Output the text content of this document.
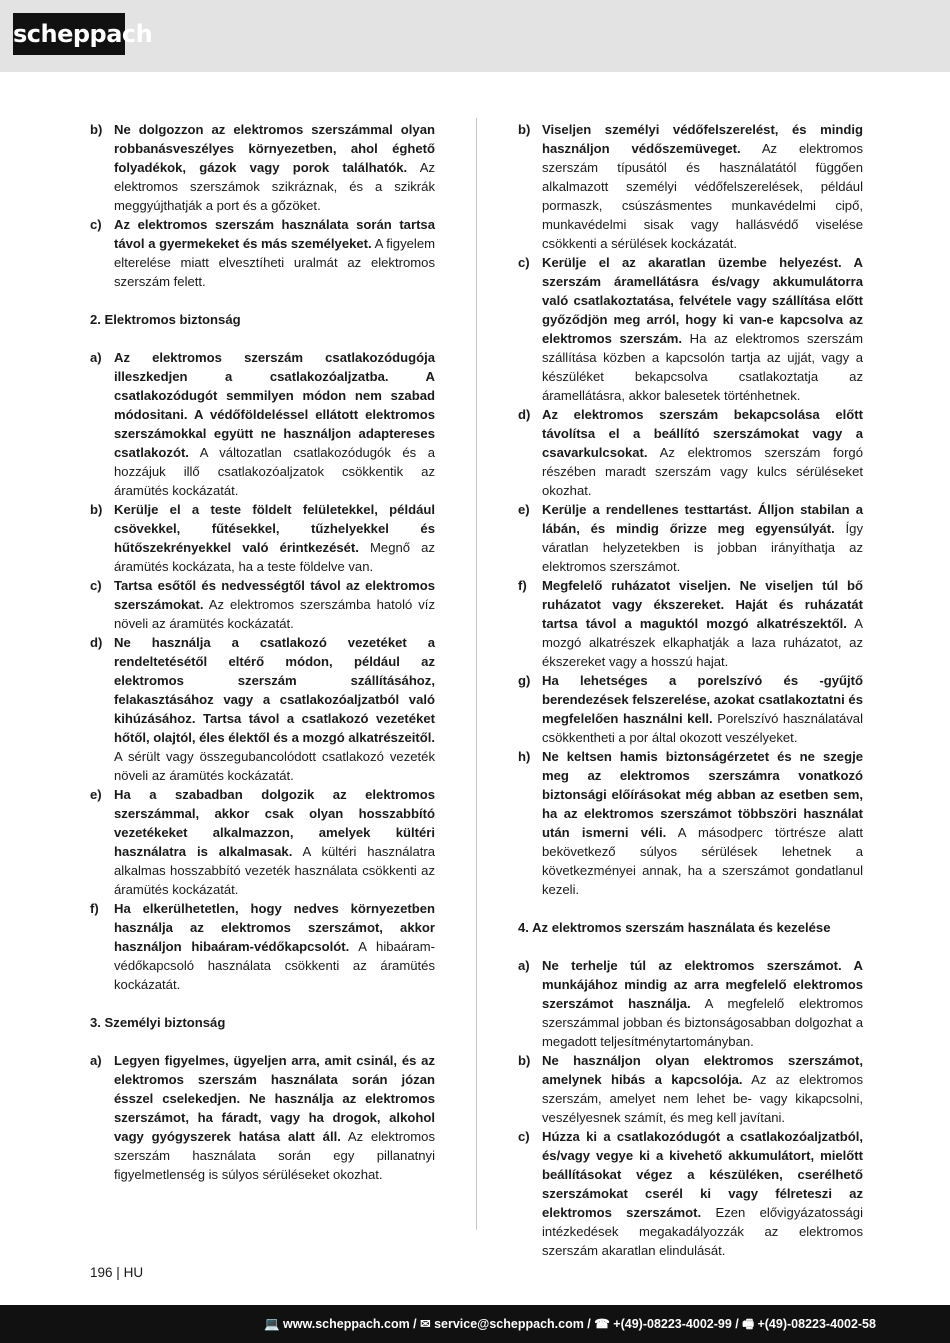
scheppach
b) Ne dolgozzon az elektromos szerszámmal olyan robbanásveszélyes környezetben, ahol éghető folyadékok, gázok vagy porok találhatók. Az elektromos szerszámok szikráznak, és a szikrák meggyújthatják a port és a gőzöket.
c) Az elektromos szerszám használata során tartsa távol a gyermekeket és más személyeket. A figyelem elterelése miatt elvesztíheti uralmát az elektromos szerszám felett.
2. Elektromos biztonság
a) Az elektromos szerszám csatlakozódugója illeszkedjen a csatlakozóaljzatba. A csatlakozódugót semmilyen módon nem szabad módositani. A védőföldeléssel ellátott elektromos szerszámokkal együtt ne használjon adaptereses csatlakozót. A változatlan csatlakozódugók és a hozzájuk illő csatlakozóaljzatok csökkentik az áramütés kockázatát.
b) Kerülje el a teste földelt felületekkel, például csövekkel, fűtésekkel, tűzhelyekkel és hűtőszekrényekkel való érintkezését. Megnő az áramütés kockázata, ha a teste földelve van.
c) Tartsa esőtől és nedvességtől távol az elektromos szerszámokat. Az elektromos szerszámba hatoló víz növeli az áramütés kockázatát.
d) Ne használja a csatlakozó vezetéket a rendeltetésétől eltérő módon, például az elektromos szerszám szállításához, felakasztásához vagy a csatlakozóaljzatból való kihúzásához. Tartsa távol a csatlakozó vezetéket hőtől, olajtól, éles élektől és a mozgó alkatrészeitől. A sérült vagy összegubancolódott csatlakozó vezeték növeli az áramütés kockázatát.
e) Ha a szabadban dolgozik az elektromos szerszámmal, akkor csak olyan hosszabbító vezetékeket alkalmazzon, amelyek kültéri használatra is alkalmasak. A kültéri használatra alkalmas hosszabbító vezeték használata csökkenti az áramütés kockázatát.
f)	Ha elkerülhetetlen, hogy nedves környezetben használja az elektromos szerszámot, akkor használjon hibaáram-védőkapcsolót. A hibaáram-védőkapcsoló használata csökkenti az áramütés kockázatát.
3. Személyi biztonság
a) Legyen figyelmes, ügyeljen arra, amit csinál, és az elektromos szerszám használata során józan ésszel cselekedjen. Ne használja az elektromos szerszámot, ha fáradt, vagy ha drogok, alkohol vagy gyógyszerek hatása alatt áll. Az elektromos szerszám használata során egy pillanatnyi figyelmetlenség is súlyos sérüléseket okozhat.
b) Viseljen személyi védőfelszerelést, és mindig használjon védőszemüveget. Az elektromos szerszám típusától és használatától függően alkalmazott személyi védőfelszerelések, például pormaszk, csúszásmentes munkavédelmi cipő, munkavédelmi sisak vagy hallásvédő viselése csökkenti a sérülések kockázatát.
c) Kerülje el az akaratlan üzembe helyezést. A szerszám áramellátásra és/vagy akkumulátorra való csatlakoztatása, felvétele vagy szállítása előtt győződjön meg arról, hogy ki van-e kapcsolva az elektromos szerszám. Ha az elektromos szerszám szállítása közben a kapcsolón tartja az ujját, vagy a készüléket bekapcsolva csatlakoztatja az áramellátásra, akkor balesetek történhetnek.
d) Az elektromos szerszám bekapcsolása előtt távolítsa el a beállító szerszámokat vagy a csavarkulcsokat. Az elektromos szerszám forgó részében maradt szerszám vagy kulcs sérüléseket okozhat.
e) Kerülje a rendellenes testtartást. Álljon stabilan a lábán, és mindig őrizze meg egyensúlyát. Így váratlan helyzetekben is jobban irányíthatja az elektromos szerszámot.
f)	Megfelelő ruházatot viseljen. Ne viseljen túl bő ruházatot vagy ékszereket. Haját és ruházatát tartsa távol a maguktól mozgó alkatrészektől. A mozgó alkatrészek elkaphatják a laza ruházatot, az ékszereket vagy a hosszú hajat.
g) Ha lehetséges a porelszívó és -gyűjtő berendezések felszerelése, azokat csatlakoztatni és megfelelően használni kell. Porelszívó használatával csökkentheti a por által okozott veszélyeket.
h) Ne keltsen hamis biztonságérzetet és ne szegje meg az elektromos szerszámra vonatkozó biztonsági előírásokat még abban az esetben sem, ha az elektromos szerszámot többszöri használat után ismerni véli. A másodperc törtrésze alatt bekövetkező súlyos sérülések lehetnek a következményei annak, ha a szerszámot gondatlanul kezeli.
4. Az elektromos szerszám használata és kezelése
a) Ne terhelje túl az elektromos szerszámot. A munkájához mindig az arra megfelelő elektromos szerszámot használja. A megfelelő elektromos szerszámmal jobban és biztonságosabban dolgozhat a megadott teljesítménytartományban.
b) Ne használjon olyan elektromos szerszámot, amelynek hibás a kapcsolója. Az az elektromos szerszám, amelyet nem lehet be- vagy kikapcsolni, veszélyesnek számít, és meg kell javítani.
c) Húzza ki a csatlakozódugót a csatlakozóaljzatból, és/vagy vegye ki a kivehető akkumulátort, mielőtt beállításokat végez a készüléken, cserélhető szerszámokat cserél ki vagy félreteszi az elektromos szerszámot. Ezen elővigyázatossági intézkedések megakadályozzák az elektromos szerszám akaratlan elindulását.
196 | HU
💻 www.scheppach.com / ✉ service@scheppach.com / ☎ +(49)-08223-4002-99 / 🖷 +(49)-08223-4002-58
